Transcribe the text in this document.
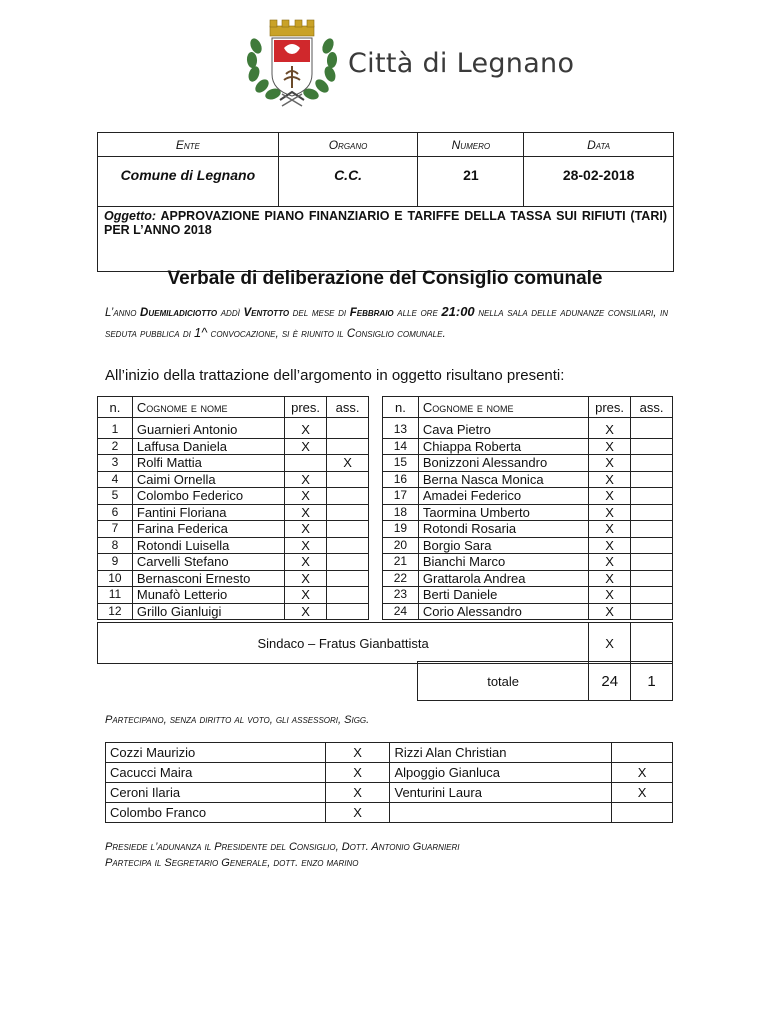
Città di Legnano
Ente	Organo	Numero	Data
Comune di Legnano	C.C.	21	28-02-2018
Oggetto: APPROVAZIONE PIANO FINANZIARIO E TARIFFE DELLA TASSA SUI RIFIUTI (TARI) PER L’ANNO 2018			
Verbale di deliberazione del Consiglio comunale
L’anno Duemiladiciotto addì Ventotto del mese di Febbraio alle ore 21:00 nella sala delle adunanze consiliari, in seduta pubblica di 1^ convocazione, si è riunito il Consiglio comunale.
All’inizio della trattazione dell’argomento in oggetto risultano presenti:
n.	Cognome e nome	pres.	ass.
1	Guarnieri Antonio	X	
2	Laffusa Daniela	X	
3	Rolfi Mattia		X
4	Caimi Ornella	X	
5	Colombo Federico	X	
6	Fantini Floriana	X	
7	Farina Federica	X	
8	Rotondi Luisella	X	
9	Carvelli Stefano	X	
10	Bernasconi Ernesto	X	
11	Munafò Letterio	X	
12	Grillo Gianluigi	X	
n.	Cognome e nome	pres.	ass.
13	Cava Pietro	X	
14	Chiappa Roberta	X	
15	Bonizzoni Alessandro	X	
16	Berna Nasca Monica	X	
17	Amadei Federico	X	
18	Taormina Umberto	X	
19	Rotondi Rosaria	X	
20	Borgio Sara	X	
21	Bianchi Marco	X	
22	Grattarola Andrea	X	
23	Berti Daniele	X	
24	Corio Alessandro	X	
Sindaco – Fratus Gianbattista	X	
totale	24	1
Partecipano, senza diritto al voto, gli assessori, Sigg.
Cozzi Maurizio	X	Rizzi Alan Christian	
Cacucci Maira	X	Alpoggio Gianluca	X
Ceroni Ilaria	X	Venturini Laura	X
Colombo Franco	X		
Presiede l’adunanza il Presidente del Consiglio, Dott. Antonio Guarnieri
Partecipa il Segretario Generale, dott. enzo marino
